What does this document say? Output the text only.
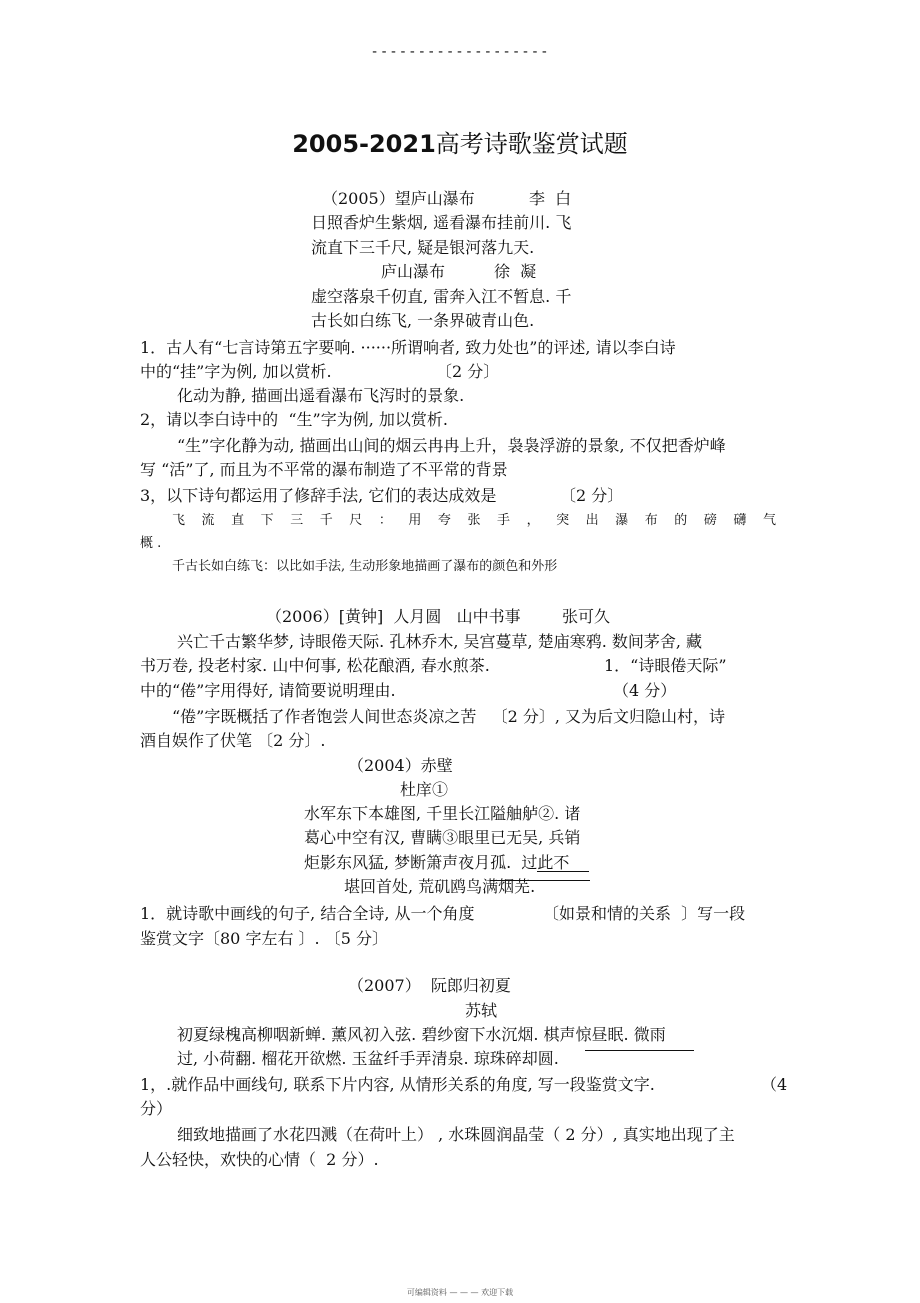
-------------------
2005-2021高考诗歌鉴赏试题
（2005）望庐山瀑布	李  白
日照香炉生紫烟, 遥看瀑布挂前川. 飞
流直下三千尺, 疑是银河落九天.
庐山瀑布	徐  凝
虚空落泉千仞直, 雷奔入江不暂息. 千
古长如白练飞, 一条界破青山色.
1．古人有“七言诗第五字要响. ······所谓响者, 致力处也”的评述, 请以李白诗
中的“挂”字为例, 加以赏析.	〔2 分〕
化动为静, 描画出遥看瀑布飞泻时的景象.
2，请以李白诗中的  “生”字为例, 加以赏析.
“生”字化静为动, 描画出山间的烟云冉冉上升，袅袅浮游的景象, 不仅把香炉峰
写 “活”了, 而且为不平常的瀑布制造了不平常的背景
3，以下诗句都运用了修辞手法, 它们的表达成效是	〔2 分〕
飞 流 直 下 三 千 尺 ： 用 夸 张 手 ， 突 出 瀑 布 的 磅 礴 气
概 .
千古长如白练飞：以比如手法, 生动形象地描画了瀑布的颜色和外形
（2006）[黄钟]  人月圆   山中书事	张可久
兴亡千古繁华梦, 诗眼倦天际. 孔林乔木, 吴宫蔓草, 楚庙寒鸦. 数间茅舍, 藏
书万卷, 投老村家. 山中何事, 松花酿酒, 春水煎茶.	1．“诗眼倦天际”
中的“倦”字用得好, 请简要说明理由.	（4 分）
“倦”字既概括了作者饱尝人间世态炎凉之苦   〔2 分〕, 又为后文归隐山村，诗
酒自娱作了伏笔 〔2 分〕.
（2004）赤壁
杜庠①
水军东下本雄图, 千里长江隘舳舻②. 诸
葛心中空有汉, 曹瞒③眼里已无吴, 兵销
炬影东风猛, 梦断箫声夜月孤.  过此不
堪回首处, 荒矶鸥鸟满烟芜.
1．就诗歌中画线的句子, 结合全诗, 从一个角度	〔如景和情的关系  〕写一段
鉴赏文字〔80 字左右 〕. 〔5 分〕
（2007）  阮郎归初夏
苏轼
初夏绿槐高柳咽新蝉. 薰风初入弦. 碧纱窗下水沉烟. 棋声惊昼眠. 微雨
过, 小荷翻. 榴花开欲燃. 玉盆纤手弄清泉. 琼珠碎却圆.
1，.就作品中画线句, 联系下片内容, 从情形关系的角度, 写一段鉴赏文字.	（4
分）
细致地描画了水花四溅（在荷叶上） , 水珠圆润晶莹（ 2 分）, 真实地出现了主
人公轻快，欢快的心情（  2 分）.
可编辑资料 — — — 欢迎下载
